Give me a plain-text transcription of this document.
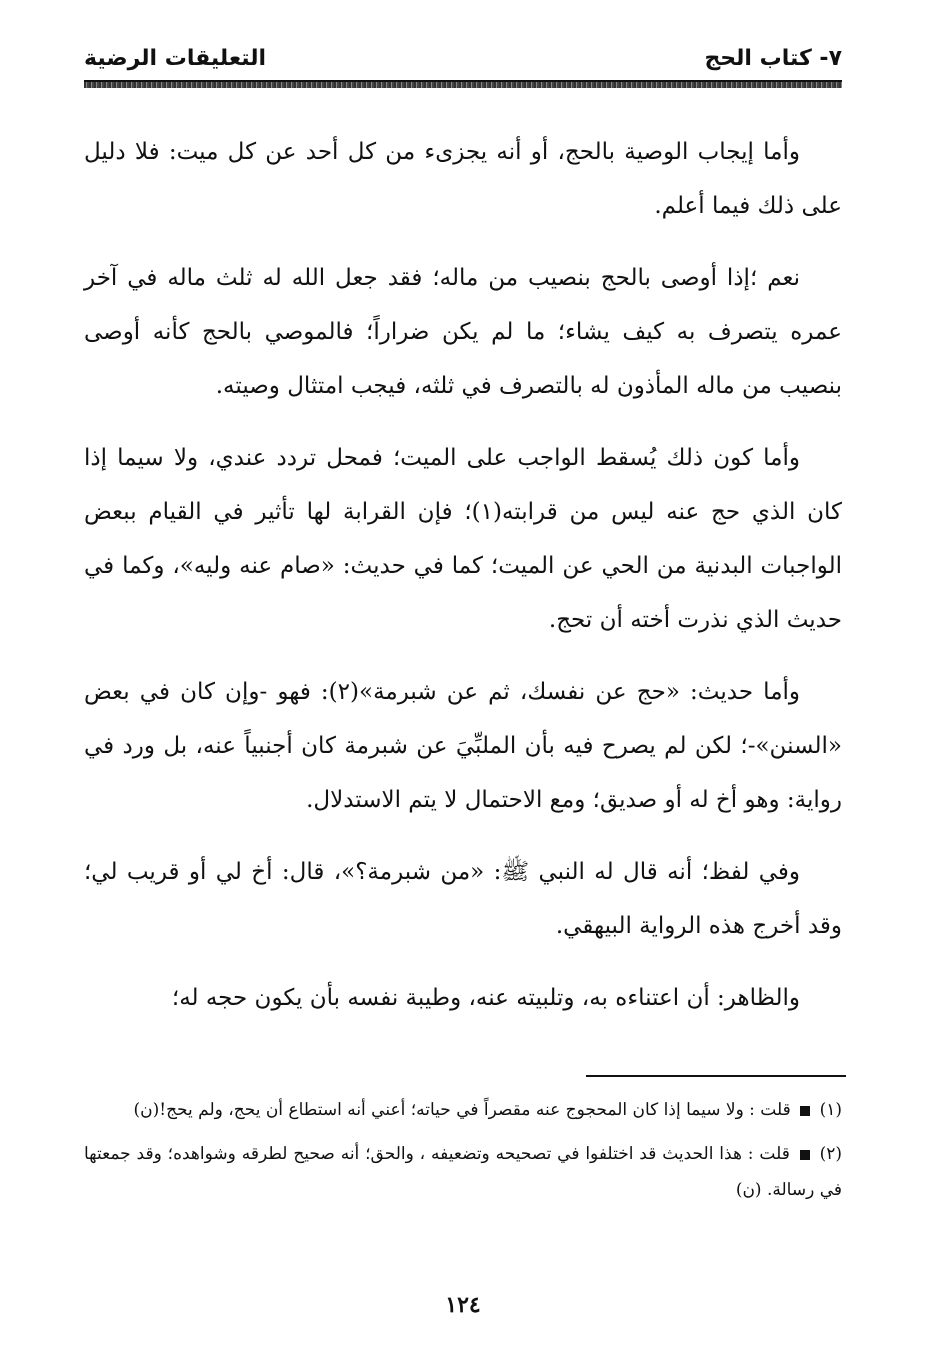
٧- كتاب الحج
التعليقات الرضية

وأما إيجاب الوصية بالحج، أو أنه يجزىء من كل أحد عن كل ميت: فلا دليل على ذلك فيما أعلم.

نعم ؛إذا أوصى بالحج بنصيب من ماله؛ فقد جعل الله له ثلث ماله في آخر عمره يتصرف به كيف يشاء؛ ما لم يكن ضراراً؛ فالموصي بالحج كأنه أوصى بنصيب من ماله المأذون له بالتصرف في ثلثه، فيجب امتثال وصيته.

وأما كون ذلك يُسقط الواجب على الميت؛ فمحل تردد عندي، ولا سيما إذا كان الذي حج عنه ليس من قرابته(١)؛ فإن القرابة لها تأثير في القيام ببعض الواجبات البدنية من الحي عن الميت؛ كما في حديث: «صام عنه وليه»، وكما في حديث الذي نذرت أخته أن تحج.

وأما حديث: «حج عن نفسك، ثم عن شبرمة»(٢): فهو -وإن كان في بعض «السنن»-؛ لكن لم يصرح فيه بأن الملبِّيَ عن شبرمة كان أجنبياً عنه، بل ورد في رواية: وهو أخ له أو صديق؛ ومع الاحتمال لا يتم الاستدلال.

وفي لفظ؛ أنه قال له النبي ﷺ: «من شبرمة؟»، قال: أخ لي أو قريب لي؛ وقد أخرج هذه الرواية البيهقي.

والظاهر: أن اعتناءه به، وتلبيته عنه، وطيبة نفسه بأن يكون حجه له؛

(١)  قلت : ولا سيما إذا كان المحجوج عنه مقصراً في حياته؛ أعني أنه استطاع أن يحج، ولم يحج!(ن)

(٢)  قلت : هذا الحديث قد اختلفوا في تصحيحه وتضعيفه ، والحق؛ أنه صحيح لطرقه وشواهده؛ وقد جمعتها في رسالة. (ن)

١٢٤
